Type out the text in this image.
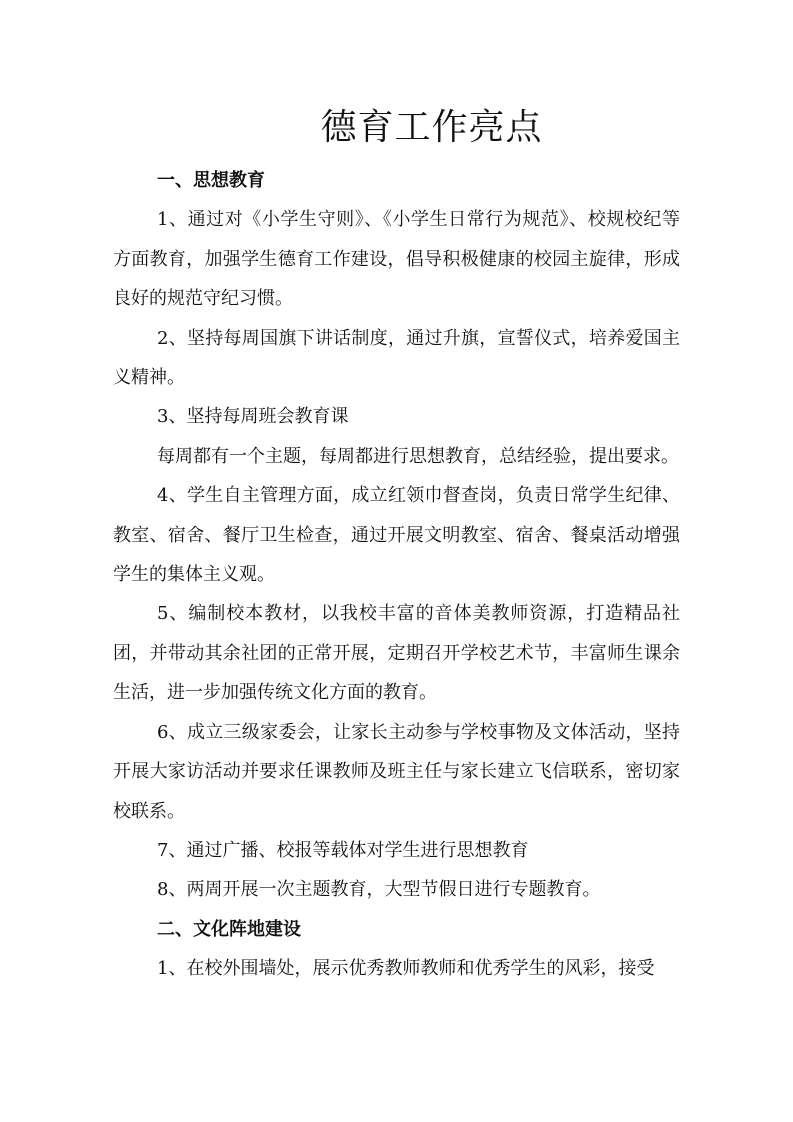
德育工作亮点

一、思想教育

1、通过对《小学生守则》、《小学生日常行为规范》、校规校纪等方面教育，加强学生德育工作建设，倡导积极健康的校园主旋律，形成良好的规范守纪习惯。

2、坚持每周国旗下讲话制度，通过升旗，宣誓仪式，培养爱国主义精神。

3、坚持每周班会教育课

每周都有一个主题，每周都进行思想教育，总结经验，提出要求。

4、学生自主管理方面，成立红领巾督查岗，负责日常学生纪律、教室、宿舍、餐厅卫生检查，通过开展文明教室、宿舍、餐桌活动增强学生的集体主义观。

5、编制校本教材，以我校丰富的音体美教师资源，打造精品社团，并带动其余社团的正常开展，定期召开学校艺术节，丰富师生课余生活，进一步加强传统文化方面的教育。

6、成立三级家委会，让家长主动参与学校事物及文体活动，坚持开展大家访活动并要求任课教师及班主任与家长建立飞信联系，密切家校联系。

7、通过广播、校报等载体对学生进行思想教育

8、两周开展一次主题教育，大型节假日进行专题教育。

二、文化阵地建设

1、在校外围墙处，展示优秀教师教师和优秀学生的风彩，接受
